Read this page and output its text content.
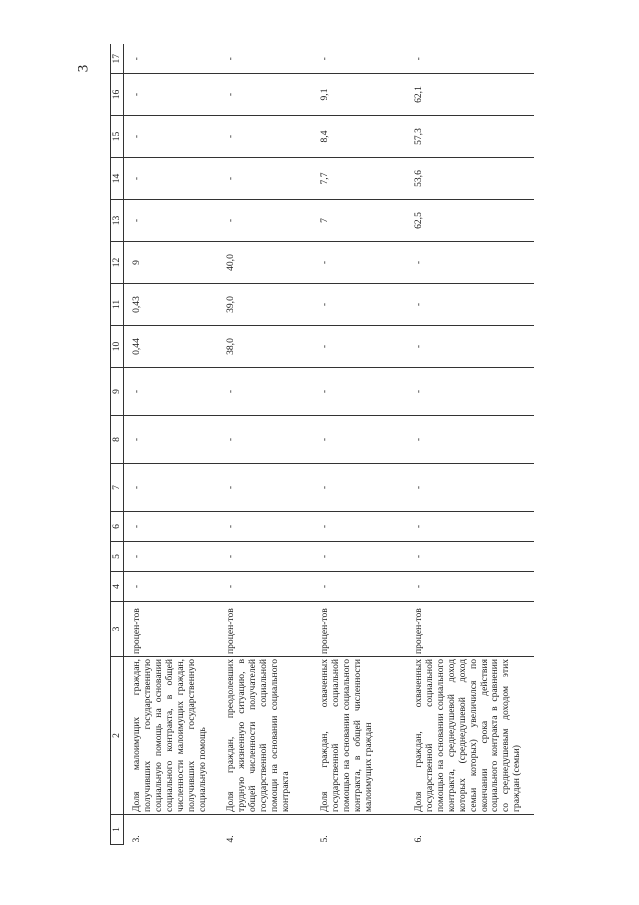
3
1	2	3	4	5	6	7	8	9	10	11	12	13	14	15	16	17
3.	Доля малоимущих граждан, получивших государственную социальную помощь на основании социального контракта, в общей численности малоимущих граждан, получивших государственную социальную помощь	процен-тов	-	-	-	-	-	-	0,44	0,43	9	-	-	-	-	-
4.	Доля граждан, преодолевших трудную жизненную ситуацию, в общей численности получателей государственной социальной помощи на основании социального контракта	процен-тов	-	-	-	-	-	-	38,0	39,0	40,0	-	-	-	-	-
5.	Доля граждан, охваченных государственной социальной помощью на основании социального контракта, в общей численности малоимущих граждан	процен-тов	-	-	-	-	-	-	-	-	-	7	7,7	8,4	9,1	-
6.	Доля граждан, охваченных государственной социальной помощью на основании социального контракта, среднедушевой доход которых (среднедушевой доход семьи которых) увеличился по окончании срока действия социального контракта в сравнении со среднедушевым доходом этих граждан (семьи)	процен-тов	-	-	-	-	-	-	-	-	-	62,5	53,6	57,3	62,1	-
